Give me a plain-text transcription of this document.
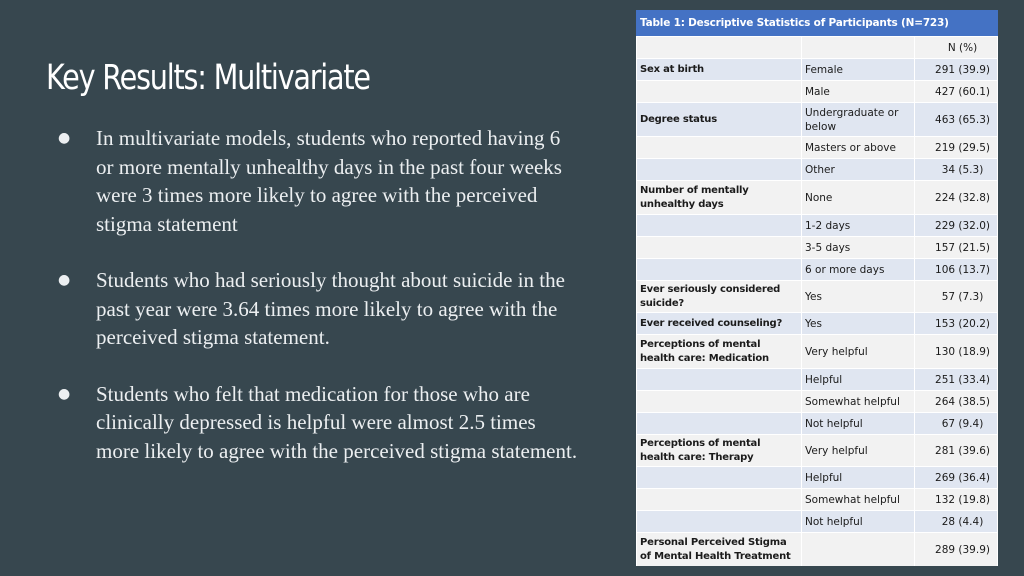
Key Results: Multivariate
● In multivariate models, students who reported having 6 or more mentally unhealthy days in the past four weeks were 3 times more likely to agree with the perceived stigma statement
● Students who had seriously thought about suicide in the past year were 3.64 times more likely to agree with the perceived stigma statement.
● Students who felt that medication for those who are clinically depressed is helpful were almost 2.5 times more likely to agree with the perceived stigma statement.
Table 1: Descriptive Statistics of Participants (N=723)
		N (%)
Sex at birth	Female	291 (39.9)
	Male	427 (60.1)
Degree status	Undergraduate or below	463 (65.3)
	Masters or above	219 (29.5)
	Other	34 (5.3)
Number of mentally unhealthy days	None	224 (32.8)
	1-2 days	229 (32.0)
	3-5 days	157 (21.5)
	6 or more days	106 (13.7)
Ever seriously considered suicide?	Yes	57 (7.3)
Ever received counseling?	Yes	153 (20.2)
Perceptions of mental health care: Medication	Very helpful	130 (18.9)
	Helpful	251 (33.4)
	Somewhat helpful	264 (38.5)
	Not helpful	67 (9.4)
Perceptions of mental health care: Therapy	Very helpful	281 (39.6)
	Helpful	269 (36.4)
	Somewhat helpful	132 (19.8)
	Not helpful	28 (4.4)
Personal Perceived Stigma of Mental Health Treatment		289 (39.9)
